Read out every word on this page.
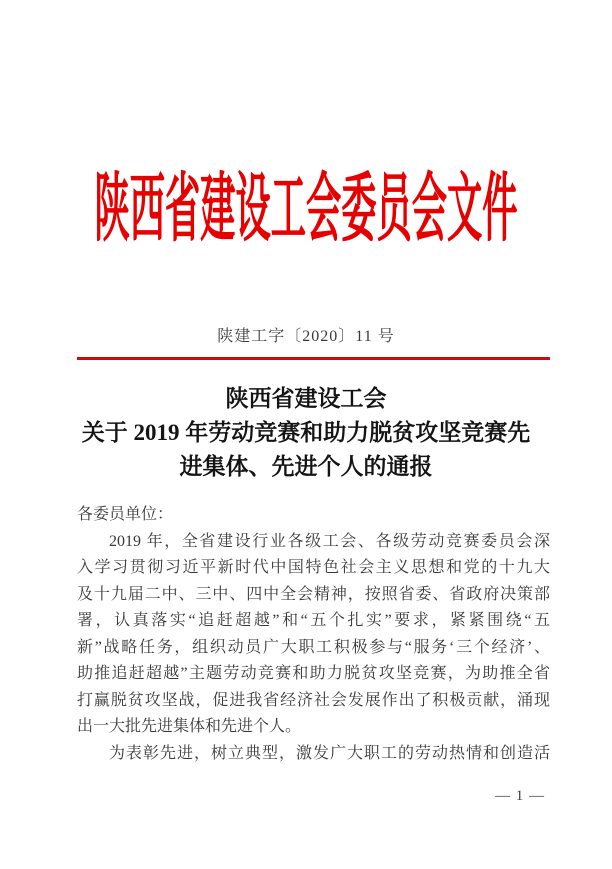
陕西省建设工会委员会文件
陕建工字〔2020〕11 号
陕西省建设工会
关于 2019 年劳动竞赛和助力脱贫攻坚竞赛先
进集体、先进个人的通报
各委员单位：
2019 年，全省建设行业各级工会、各级劳动竞赛委员会深
入学习贯彻习近平新时代中国特色社会主义思想和党的十九大
及十九届二中、三中、四中全会精神，按照省委、省政府决策部
署，认真落实“追赶超越”和“五个扎实”要求，紧紧围绕“五
新”战略任务，组织动员广大职工积极参与“服务‘三个经济’、
助推追赶超越”主题劳动竞赛和助力脱贫攻坚竞赛，为助推全省
打赢脱贫攻坚战，促进我省经济社会发展作出了积极贡献，涌现
出一大批先进集体和先进个人。
为表彰先进，树立典型，激发广大职工的劳动热情和创造活
— 1 —
